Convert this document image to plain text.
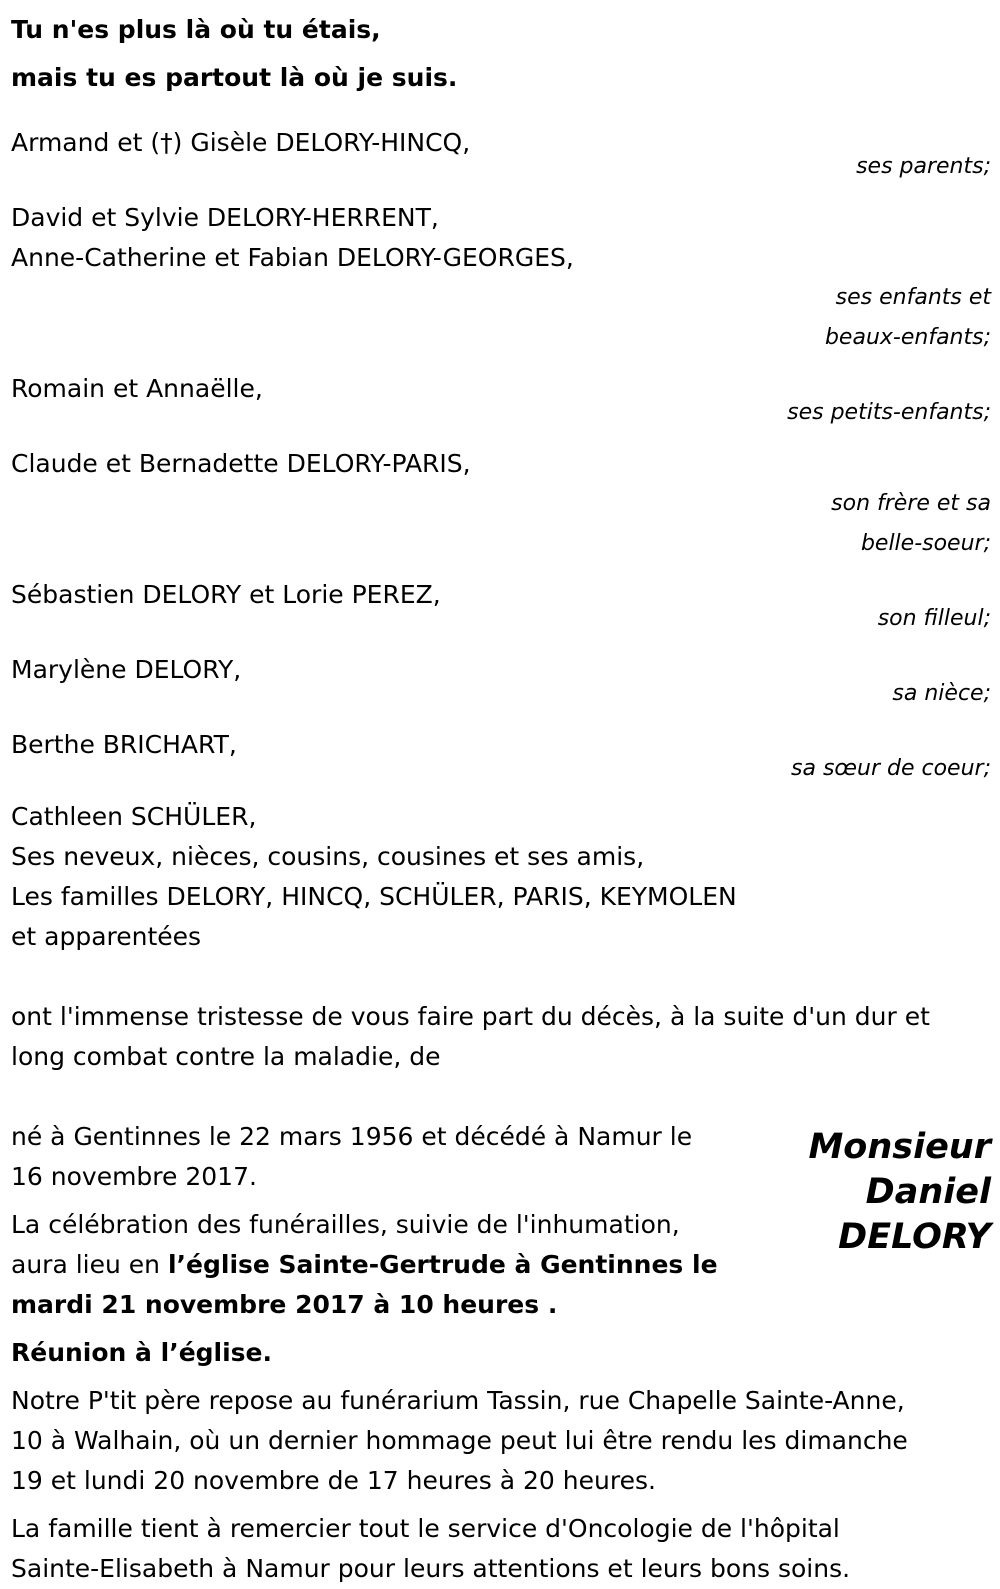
Tu n'es plus là où tu étais,
mais tu es partout là où je suis.
Armand et (†) Gisèle DELORY-HINCQ,
ses parents;
David et Sylvie DELORY-HERRENT,
Anne-Catherine et Fabian DELORY-GEORGES,
ses enfants et
beaux-enfants;
Romain et Annaëlle,
ses petits-enfants;
Claude et Bernadette DELORY-PARIS,
son frère et sa
belle-soeur;
Sébastien DELORY et Lorie PEREZ,
son filleul;
Marylène DELORY,
sa nièce;
Berthe BRICHART,
sa sœur de coeur;
Cathleen SCHÜLER,
Ses neveux, nièces, cousins, cousines et ses amis,
Les familles DELORY, HINCQ, SCHÜLER, PARIS, KEYMOLEN
et apparentées
ont l'immense tristesse de vous faire part du décès, à la suite d'un dur et
long combat contre la maladie, de
Monsieur
Daniel
DELORY
né à Gentinnes le 22 mars 1956 et décédé à Namur le
16 novembre 2017.
La célébration des funérailles, suivie de l'inhumation,
aura lieu en l’église Sainte-Gertrude à Gentinnes le
mardi 21 novembre 2017 à 10 heures .
Réunion à l’église.
Notre P'tit père repose au funérarium Tassin, rue Chapelle Sainte-Anne,
10 à Walhain, où un dernier hommage peut lui être rendu les dimanche
19 et lundi 20 novembre de 17 heures à 20 heures.
La famille tient à remercier tout le service d'Oncologie de l'hôpital
Sainte-Elisabeth à Namur pour leurs attentions et leurs bons soins.
